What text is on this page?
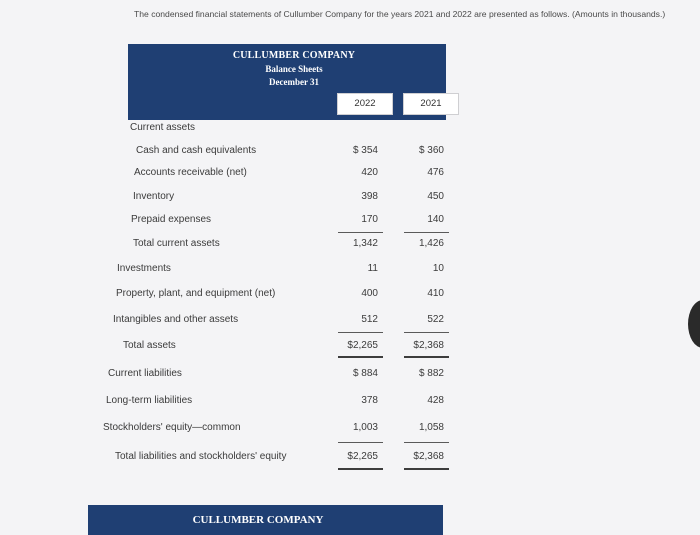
The condensed financial statements of Cullumber Company for the years 2021 and 2022 are presented as follows. (Amounts in thousands.)
CULLUMBER COMPANY
Balance Sheets
December 31
2022	2021
Current assets
Cash and cash equivalents
Accounts receivable (net)
Inventory
Prepaid expenses
Total current assets
Investments
Property, plant, and equipment (net)
Intangibles and other assets
Total assets
Current liabilities
Long-term liabilities
Stockholders' equity—common
Total liabilities and stockholders' equity
$ 354
420
398
170
1,342
11
400
512
$2,265
$ 884
378
1,003
$2,265
$ 360
476
450
140
1,426
10
410
522
$2,368
$ 882
428
1,058
$2,368
CULLUMBER COMPANY
